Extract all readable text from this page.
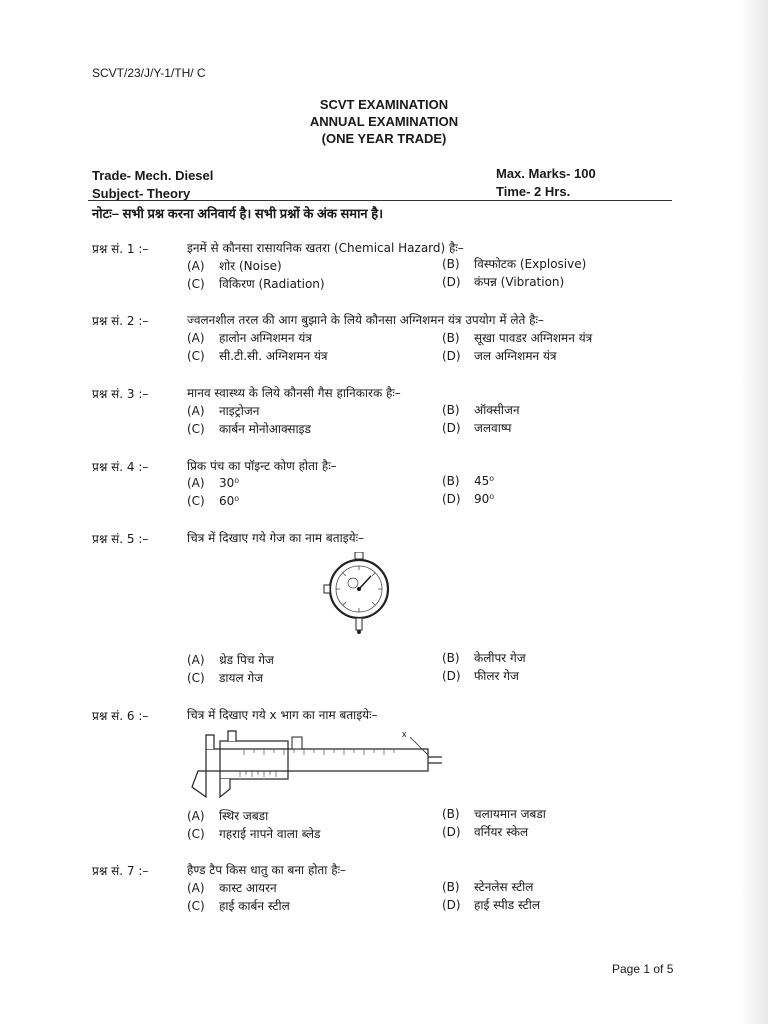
SCVT/23/J/Y-1/TH/ C
SCVT EXAMINATION
ANNUAL EXAMINATION
(ONE YEAR TRADE)
Trade- Mech. Diesel
Subject- Theory
Max. Marks- 100
Time- 2 Hrs.
नोटः– सभी प्रश्न करना अनिवार्य है। सभी प्रश्नों के अंक समान है।
प्रश्न सं. 1 :–	इनमें से कौनसा रासायनिक खतरा (Chemical Hazard) हैः–
(A) शोर (Noise)	(B) विस्फोटक (Explosive)
(C) विकिरण (Radiation)	(D) कंपन्न (Vibration)
प्रश्न सं. 2 :–	ज्वलनशील तरल की आग बुझाने के लिये कौनसा अग्निशमन यंत्र उपयोग में लेते हैः–
(A) हालोन अग्निशमन यंत्र	(B) सूखा पावडर अग्निशमन यंत्र
(C) सी.टी.सी. अग्निशमन यंत्र	(D) जल अग्निशमन यंत्र
प्रश्न सं. 3 :–	मानव स्वास्थ्य के लिये कौनसी गैस हानिकारक हैः–
(A) नाइट्रोजन	(B) ऑक्सीजन
(C) कार्बन मोनोआक्साइड	(D) जलवाष्प
प्रश्न सं. 4 :–	प्रिक पंच का पॉइन्ट कोण होता हैः–
(A) 30⁰	(B) 45⁰
(C) 60⁰	(D) 90⁰
प्रश्न सं. 5 :–	चित्र में दिखाए गये गेज का नाम बताइयेः–
(A) थ्रेड पिच गेज	(B) केलीपर गेज
(C) डायल गेज	(D) फीलर गेज
प्रश्न सं. 6 :–	चित्र में दिखाए गये x भाग का नाम बताइयेः–
x
(A) स्थिर जबडा	(B) चलायमान जबडा
(C) गहराई नापने वाला ब्लेड	(D) वर्नियर स्केल
प्रश्न सं. 7 :–	हैण्ड टैप किस धातु का बना होता हैः–
(A) कास्ट आयरन	(B) स्टेनलेस स्टील
(C) हाई कार्बन स्टील	(D) हाई स्पीड स्टील
Page 1 of 5
